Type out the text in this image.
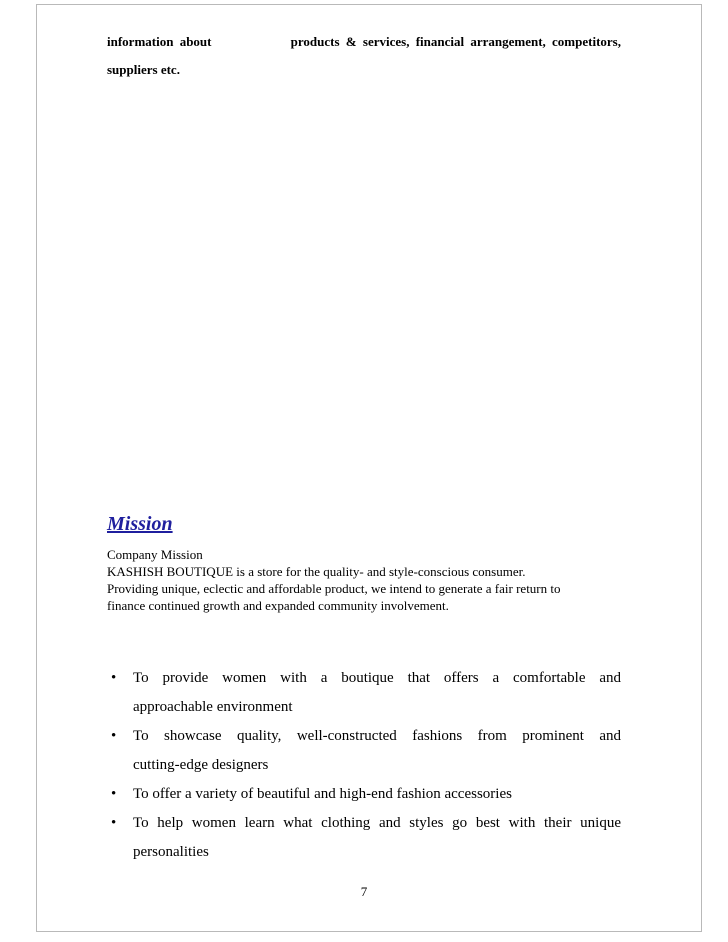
information about	products & services, financial arrangement, competitors,
suppliers etc.
Mission
Company Mission
KASHISH BOUTIQUE is a store for the quality- and style-conscious consumer.
Providing unique, eclectic and affordable product, we intend to generate a fair return to
finance continued growth and expanded community involvement.
• To provide women with a boutique that offers a comfortable and
approachable environment
• To showcase quality, well-constructed fashions from prominent and
cutting-edge designers
• To offer a variety of beautiful and high-end fashion accessories
• To help women learn what clothing and styles go best with their unique
personalities
7
